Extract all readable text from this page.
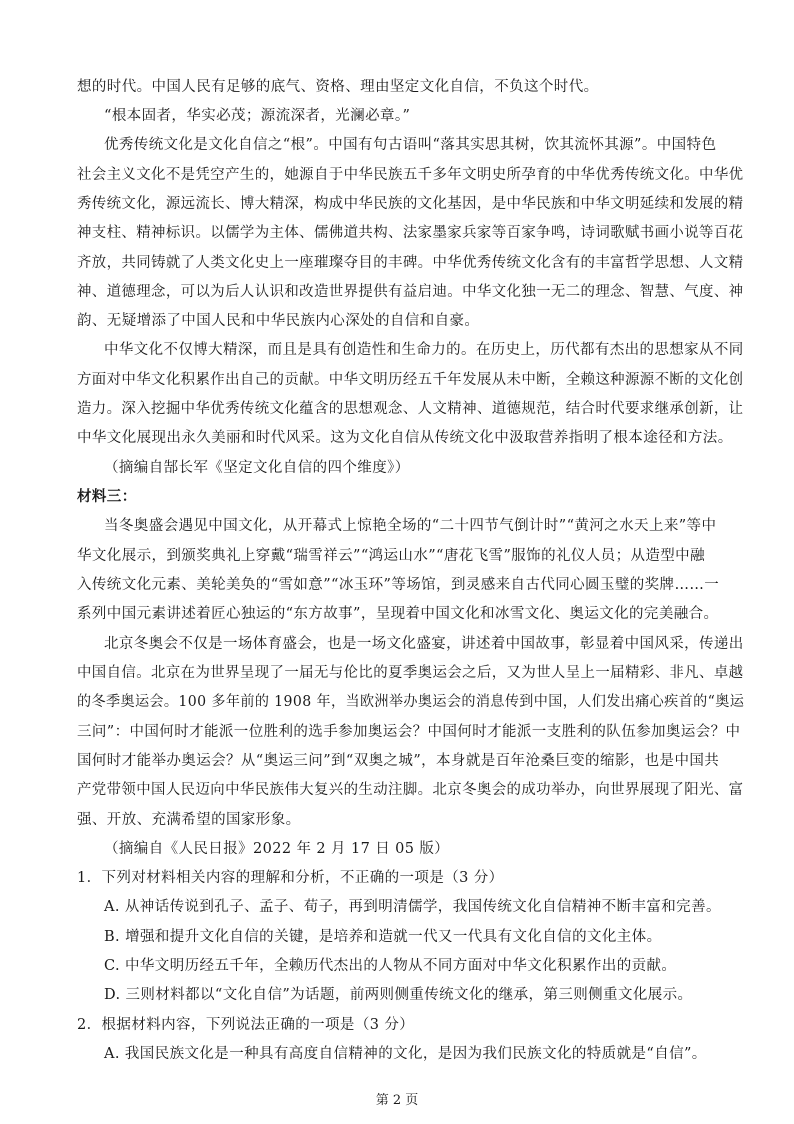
想的时代。中国人民有足够的底气、资格、理由坚定文化自信，不负这个时代。
“根本固者，华实必茂；源流深者，光澜必章。”
优秀传统文化是文化自信之“根”。中国有句古语叫“落其实思其树，饮其流怀其源”。中国特色
社会主义文化不是凭空产生的，她源自于中华民族五千多年文明史所孕育的中华优秀传统文化。中华优
秀传统文化，源远流长、博大精深，构成中华民族的文化基因，是中华民族和中华文明延续和发展的精
神支柱、精神标识。以儒学为主体、儒佛道共构、法家墨家兵家等百家争鸣，诗词歌赋书画小说等百花
齐放，共同铸就了人类文化史上一座璀璨夺目的丰碑。中华优秀传统文化含有的丰富哲学思想、人文精
神、道德理念，可以为后人认识和改造世界提供有益启迪。中华文化独一无二的理念、智慧、气度、神
韵、无疑增添了中国人民和中华民族内心深处的自信和自豪。
中华文化不仅博大精深，而且是具有创造性和生命力的。在历史上，历代都有杰出的思想家从不同
方面对中华文化积累作出自己的贡献。中华文明历经五千年发展从未中断，全赖这种源源不断的文化创
造力。深入挖掘中华优秀传统文化蕴含的思想观念、人文精神、道德规范，结合时代要求继承创新，让
中华文化展现出永久美丽和时代风采。这为文化自信从传统文化中汲取营养指明了根本途径和方法。
（摘编自郜长军《坚定文化自信的四个维度》）
材料三：
当冬奥盛会遇见中国文化，从开幕式上惊艳全场的“二十四节气倒计时”“黄河之水天上来”等中
华文化展示，到颁奖典礼上穿戴“瑞雪祥云”“鸿运山水”“唐花飞雪”服饰的礼仪人员；从造型中融
入传统文化元素、美轮美奂的“雪如意”“冰玉环”等场馆，到灵感来自古代同心圆玉璧的奖牌……一
系列中国元素讲述着匠心独运的“东方故事”，呈现着中国文化和冰雪文化、奥运文化的完美融合。
北京冬奥会不仅是一场体育盛会，也是一场文化盛宴，讲述着中国故事，彰显着中国风采，传递出
中国自信。北京在为世界呈现了一届无与伦比的夏季奥运会之后，又为世人呈上一届精彩、非凡、卓越
的冬季奥运会。100 多年前的 1908 年，当欧洲举办奥运会的消息传到中国，人们发出痛心疾首的“奥运
三问”：中国何时才能派一位胜利的选手参加奥运会？中国何时才能派一支胜利的队伍参加奥运会？中
国何时才能举办奥运会？从“奥运三问”到“双奥之城”，本身就是百年沧桑巨变的缩影，也是中国共
产党带领中国人民迈向中华民族伟大复兴的生动注脚。北京冬奥会的成功举办，向世界展现了阳光、富
强、开放、充满希望的国家形象。
（摘编自《人民日报》2022 年 2 月 17 日 05 版）
1．下列对材料相关内容的理解和分析，不正确的一项是（3 分）
A. 从神话传说到孔子、孟子、荀子，再到明清儒学，我国传统文化自信精神不断丰富和完善。
B. 增强和提升文化自信的关键，是培养和造就一代又一代具有文化自信的文化主体。
C. 中华文明历经五千年，全赖历代杰出的人物从不同方面对中华文化积累作出的贡献。
D. 三则材料都以“文化自信”为话题，前两则侧重传统文化的继承，第三则侧重文化展示。
2．根据材料内容，下列说法正确的一项是（3 分）
A. 我国民族文化是一种具有高度自信精神的文化，是因为我们民族文化的特质就是“自信”。
第 2 页
